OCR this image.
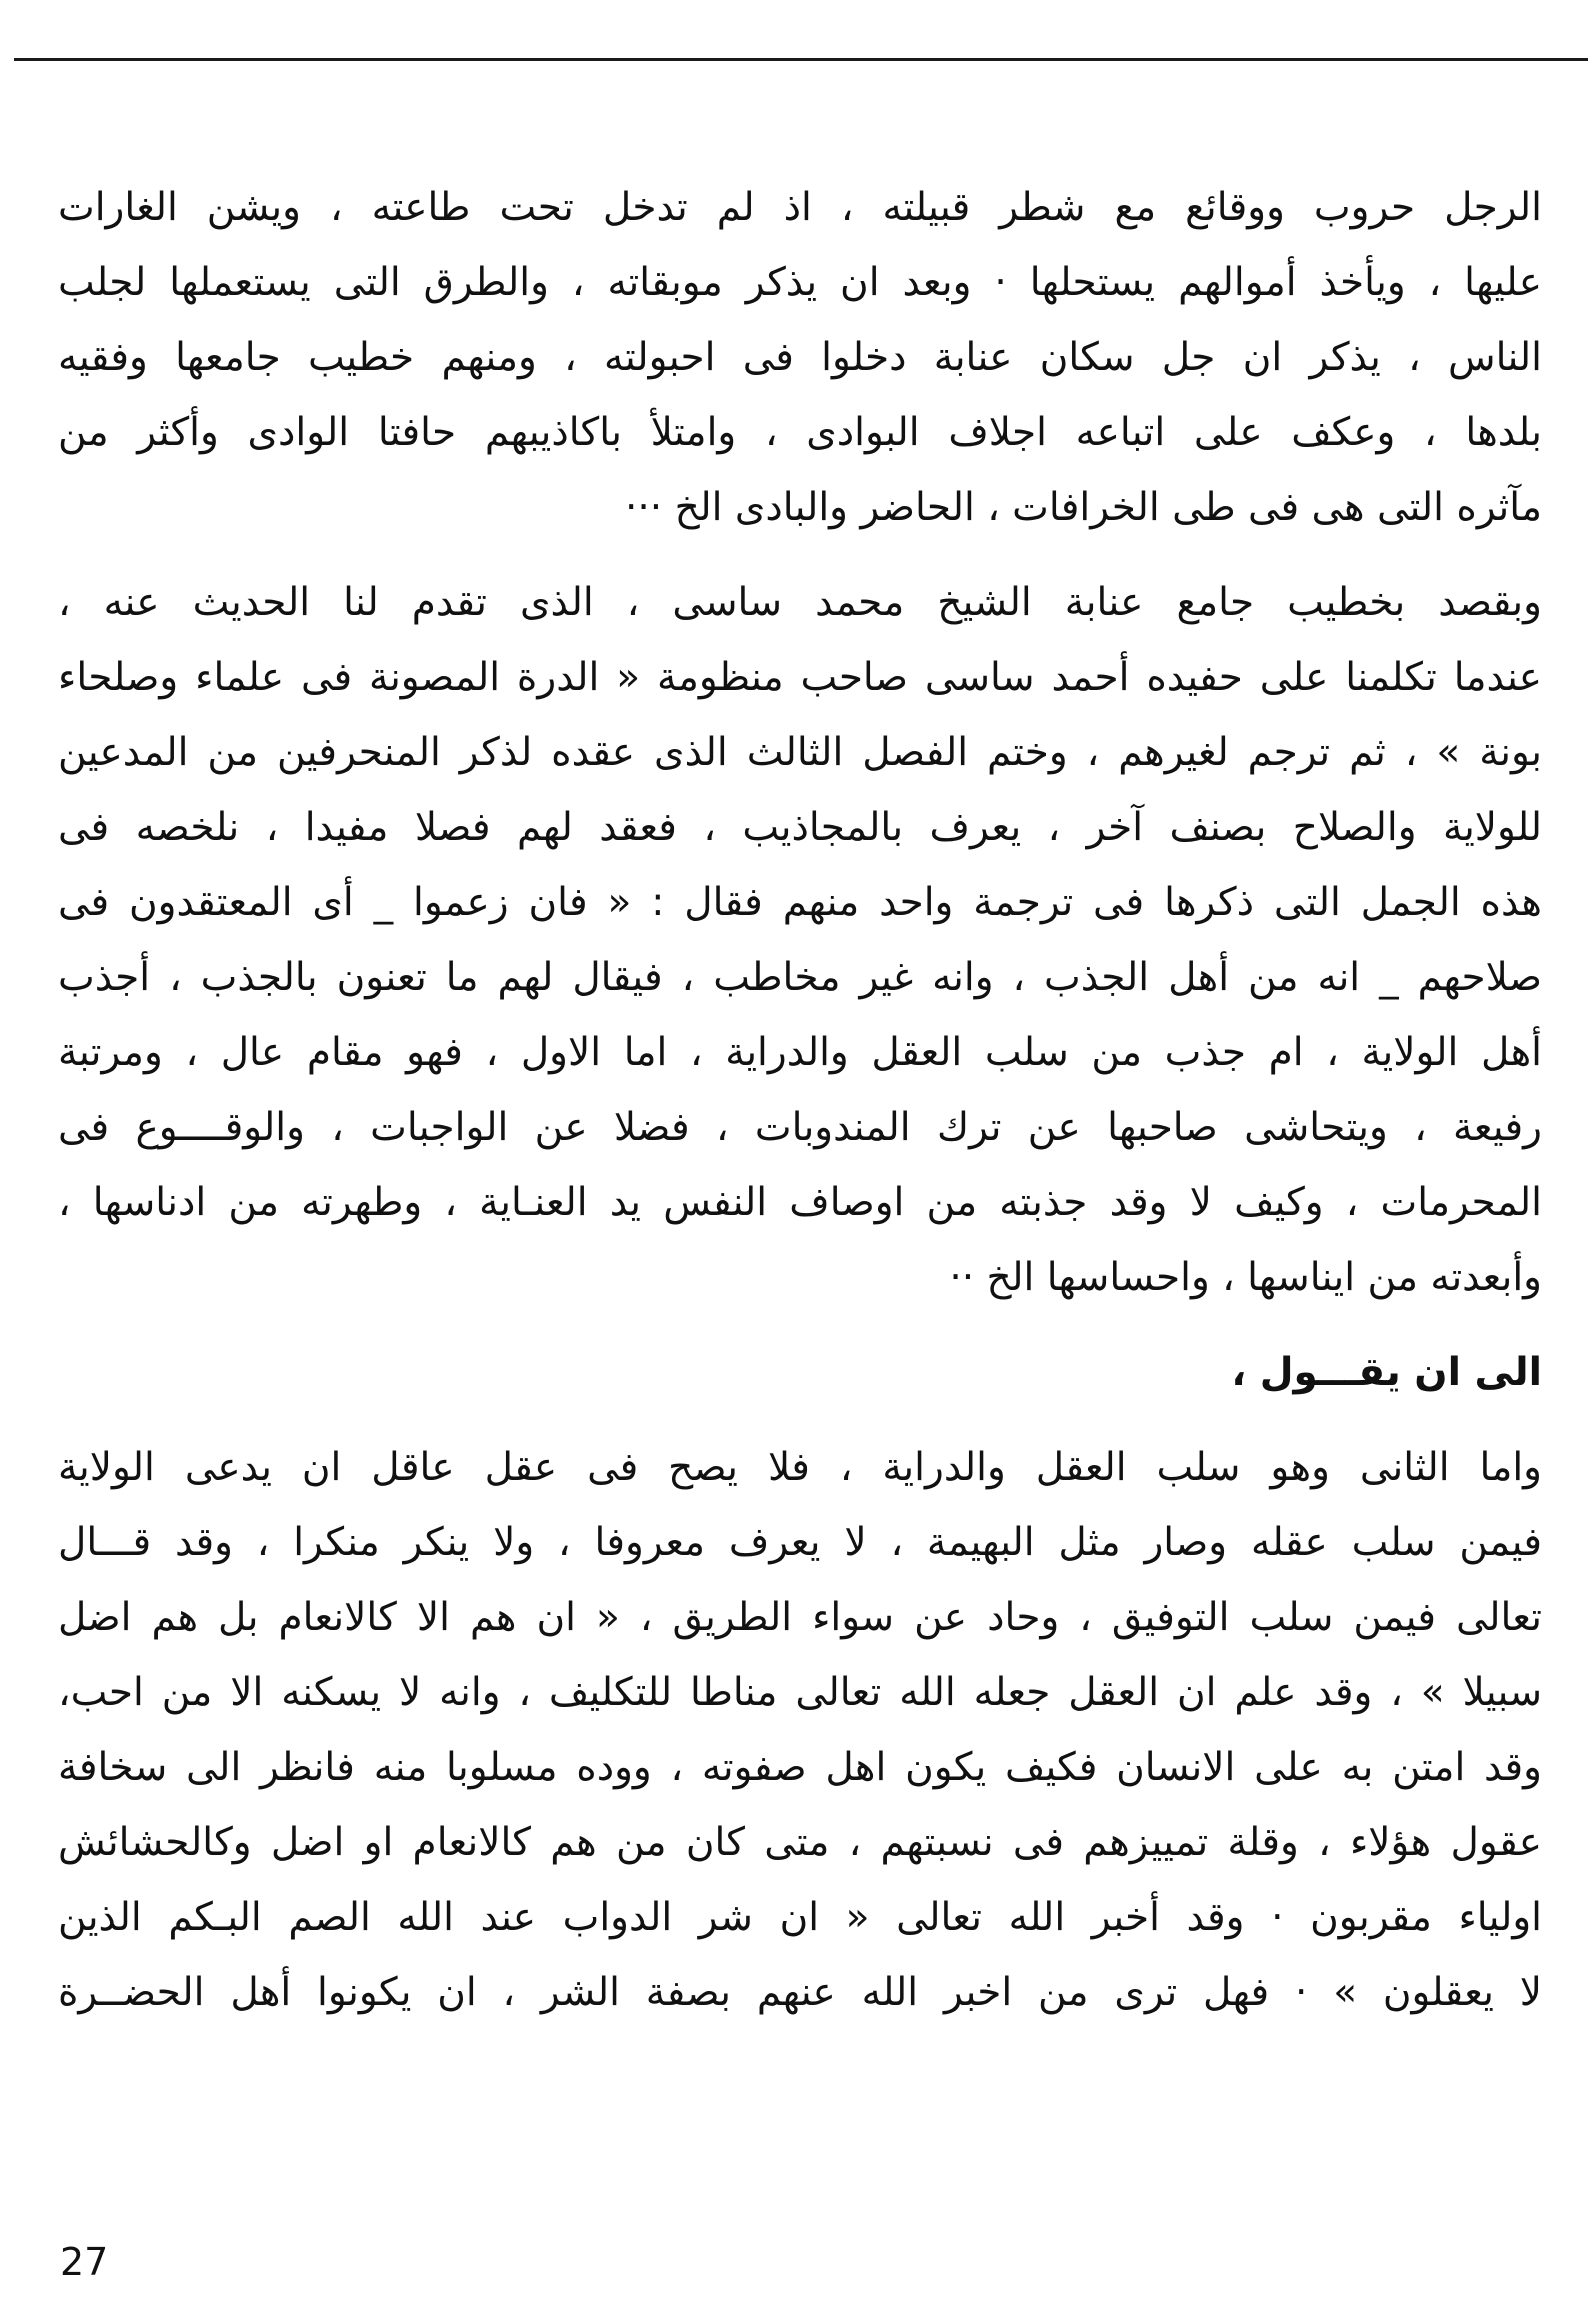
الرجل حروب ووقائع مع شطر قبيلته ، اذ لم تدخل تحت طاعته ، ويشن الغارات
عليها ، ويأخذ أموالهم يستحلها · وبعد ان يذكر موبقاته ، والطرق التى يستعملها لجلب
الناس ، يذكر ان جل سكان عنابة دخلوا فى احبولته ، ومنهم خطيب جامعها وفقيه
بلدها ، وعكف على اتباعه اجلاف البوادى ، وامتلأ باكاذيبهم حافتا الوادى وأكثر من
مآثره التى هى فى طى الخرافات ، الحاضر والبادى الخ ···
وبقصد بخطيب جامع عنابة الشيخ محمد ساسى ، الذى تقدم لنا الحديث عنه ،
عندما تكلمنا على حفيده أحمد ساسى صاحب منظومة « الدرة المصونة فى علماء وصلحاء
بونة » ، ثم ترجم لغيرهم ، وختم الفصل الثالث الذى عقده لذكر المنحرفين من المدعين
للولاية والصلاح بصنف آخر ، يعرف بالمجاذيب ، فعقد لهم فصلا مفيدا ، نلخصه فى
هذه الجمل التى ذكرها فى ترجمة واحد منهم فقال : « فان زعموا _ أى المعتقدون فى
صلاحهم _ انه من أهل الجذب ، وانه غير مخاطب ، فيقال لهم ما تعنون بالجذب ، أجذب
أهل الولاية ، ام جذب من سلب العقل والدراية ، اما الاول ، فهو مقام عال ، ومرتبة
رفيعة ، ويتحاشى صاحبها عن ترك المندوبات ، فضلا عن الواجبات ، والوقــــوع فى
المحرمات ، وكيف لا وقد جذبته من اوصاف النفس يد العنـاية ، وطهرته من ادناسها ،
وأبعدته من ايناسها ، واحساسها الخ ··
الى ان يقـــول ،
واما الثانى وهو سلب العقل والدراية ، فلا يصح فى عقل عاقل ان يدعى الولاية
فيمن سلب عقله وصار مثل البهيمة ، لا يعرف معروفا ، ولا ينكر منكرا ، وقد قـــال
تعالى فيمن سلب التوفيق ، وحاد عن سواء الطريق ، « ان هم الا كالانعام بل هم اضل
سبيلا » ، وقد علم ان العقل جعله الله تعالى مناطا للتكليف ، وانه لا يسكنه الا من احب،
وقد امتن به على الانسان فكيف يكون اهل صفوته ، ووده مسلوبا منه فانظر الى سخافة
عقول هؤلاء ، وقلة تمييزهم فى نسبتهم ، متى كان من هم كالانعام او اضل وكالحشائش
اولياء مقربون · وقد أخبر الله تعالى « ان شر الدواب عند الله الصم البـكم الذين
لا يعقلون » · فهل ترى من اخبر الله عنهم بصفة الشر ، ان يكونوا أهل الحضــرة
27
